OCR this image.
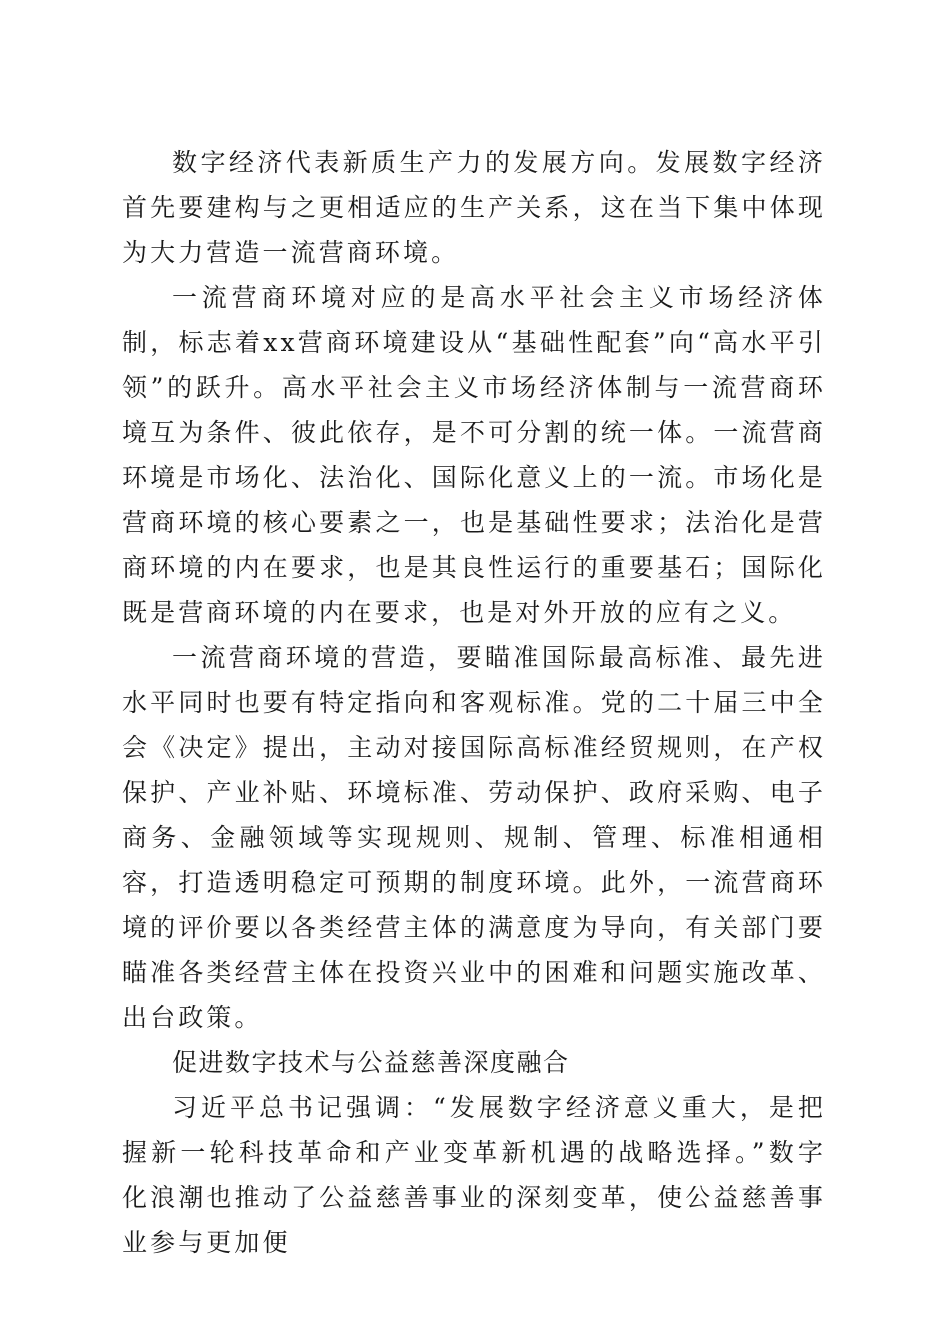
数字经济代表新质生产力的发展方向。发展数字经济首先要建构与之更相适应的生产关系，这在当下集中体现为大力营造一流营商环境。

一流营商环境对应的是高水平社会主义市场经济体制，标志着xx营商环境建设从“基础性配套”向“高水平引领”的跃升。高水平社会主义市场经济体制与一流营商环境互为条件、彼此依存，是不可分割的统一体。一流营商环境是市场化、法治化、国际化意义上的一流。市场化是营商环境的核心要素之一，也是基础性要求；法治化是营商环境的内在要求，也是其良性运行的重要基石；国际化既是营商环境的内在要求，也是对外开放的应有之义。

一流营商环境的营造，要瞄准国际最高标准、最先进水平同时也要有特定指向和客观标准。党的二十届三中全会《决定》提出，主动对接国际高标准经贸规则，在产权保护、产业补贴、环境标准、劳动保护、政府采购、电子商务、金融领域等实现规则、规制、管理、标准相通相容，打造透明稳定可预期的制度环境。此外，一流营商环境的评价要以各类经营主体的满意度为导向，有关部门要瞄准各类经营主体在投资兴业中的困难和问题实施改革、出台政策。

促进数字技术与公益慈善深度融合

习近平总书记强调：“发展数字经济意义重大，是把握新一轮科技革命和产业变革新机遇的战略选择。”数字化浪潮也推动了公益慈善事业的深刻变革，使公益慈善事业参与更加便
